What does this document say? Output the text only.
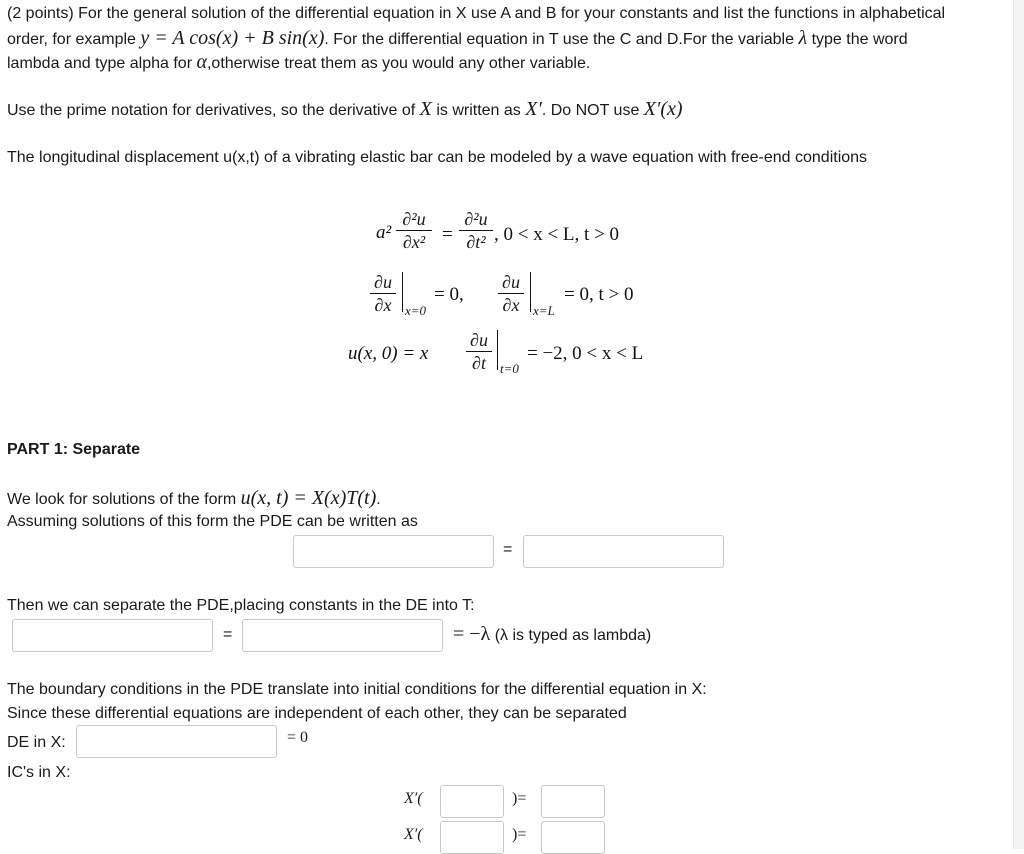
(2 points) For the general solution of the differential equation in X use A and B for your constants and list the functions in alphabetical

order, for example y = A cos(x) + B sin(x). For the differential equation in T use the C and D.For the variable λ type the word

lambda and type alpha for α,otherwise treat them as you would any other variable.

Use the prime notation for derivatives, so the derivative of X is written as X′. Do NOT use X′(x)

The longitudinal displacement u(x,t) of a vibrating elastic bar can be modeled by a wave equation with free-end conditions

a²
∂²u
∂x² =
∂²u
∂t² , 0 < x < L, t > 0
∂u
∂x	x=0
= 0,
∂u
∂x	x=L
= 0, t > 0
u(x, 0) = x
∂u
∂t	t=0
= −2, 0 < x < L

PART 1: Separate

We look for solutions of the form u(x, t) = X(x)T(t).

Assuming solutions of this form the PDE can be written as

=

Then we can separate the PDE,placing constants in the DE into T:

=	= −λ (λ is typed as lambda)

The boundary conditions in the PDE translate into initial conditions for the differential equation in X:

Since these differential equations are independent of each other, they can be separated

DE in X:	= 0

IC's in X:

X′(	)=
X′(	)=
